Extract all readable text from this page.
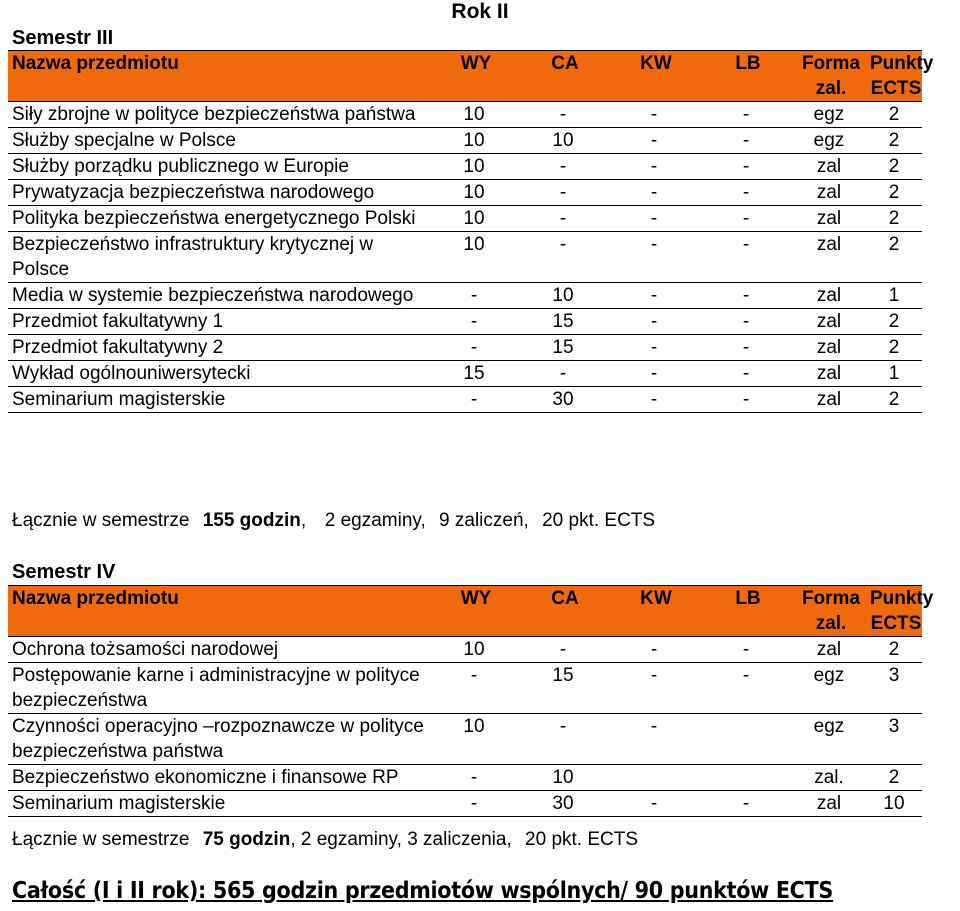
Rok II
Semestr III
Nazwa przedmiotu	WY	CA	KW	LB	Forma zal.	Punkty ECTS
Siły zbrojne w polityce bezpieczeństwa państwa	10	-	-	-	egz	2
Służby specjalne w Polsce	10	10	-	-	egz	2
Służby porządku publicznego w Europie	10	-	-	-	zal	2
Prywatyzacja bezpieczeństwa narodowego	10	-	-	-	zal	2
Polityka bezpieczeństwa energetycznego Polski	10	-	-	-	zal	2
Bezpieczeństwo infrastruktury krytycznej w Polsce	10	-	-	-	zal	2
Media w systemie bezpieczeństwa narodowego	-	10	-	-	zal	1
Przedmiot fakultatywny 1	-	15	-	-	zal	2
Przedmiot fakultatywny 2	-	15	-	-	zal	2
Wykład ogólnouniwersytecki	15	-	-	-	zal	1
Seminarium magisterskie	-	30	-	-	zal	2
Łącznie w semestrze 155 godzin,  2 egzaminy, 9 zaliczeń, 20 pkt. ECTS
Semestr IV
Nazwa przedmiotu	WY	CA	KW	LB	Forma zal.	Punkty ECTS
Ochrona tożsamości narodowej	10	-	-	-	zal	2
Postępowanie karne i administracyjne w polityce bezpieczeństwa	-	15	-	-	egz	3
Czynności operacyjno –rozpoznawcze w polityce bezpieczeństwa państwa	10	-	-		egz	3
Bezpieczeństwo ekonomiczne i finansowe RP	-	10			zal.	2
Seminarium magisterskie	-	30	-	-	zal	10
Łącznie w semestrze 75 godzin, 2 egzaminy, 3 zaliczenia, 20 pkt. ECTS
Całość (I i II rok): 565 godzin przedmiotów wspólnych/ 90 punktów ECTS
